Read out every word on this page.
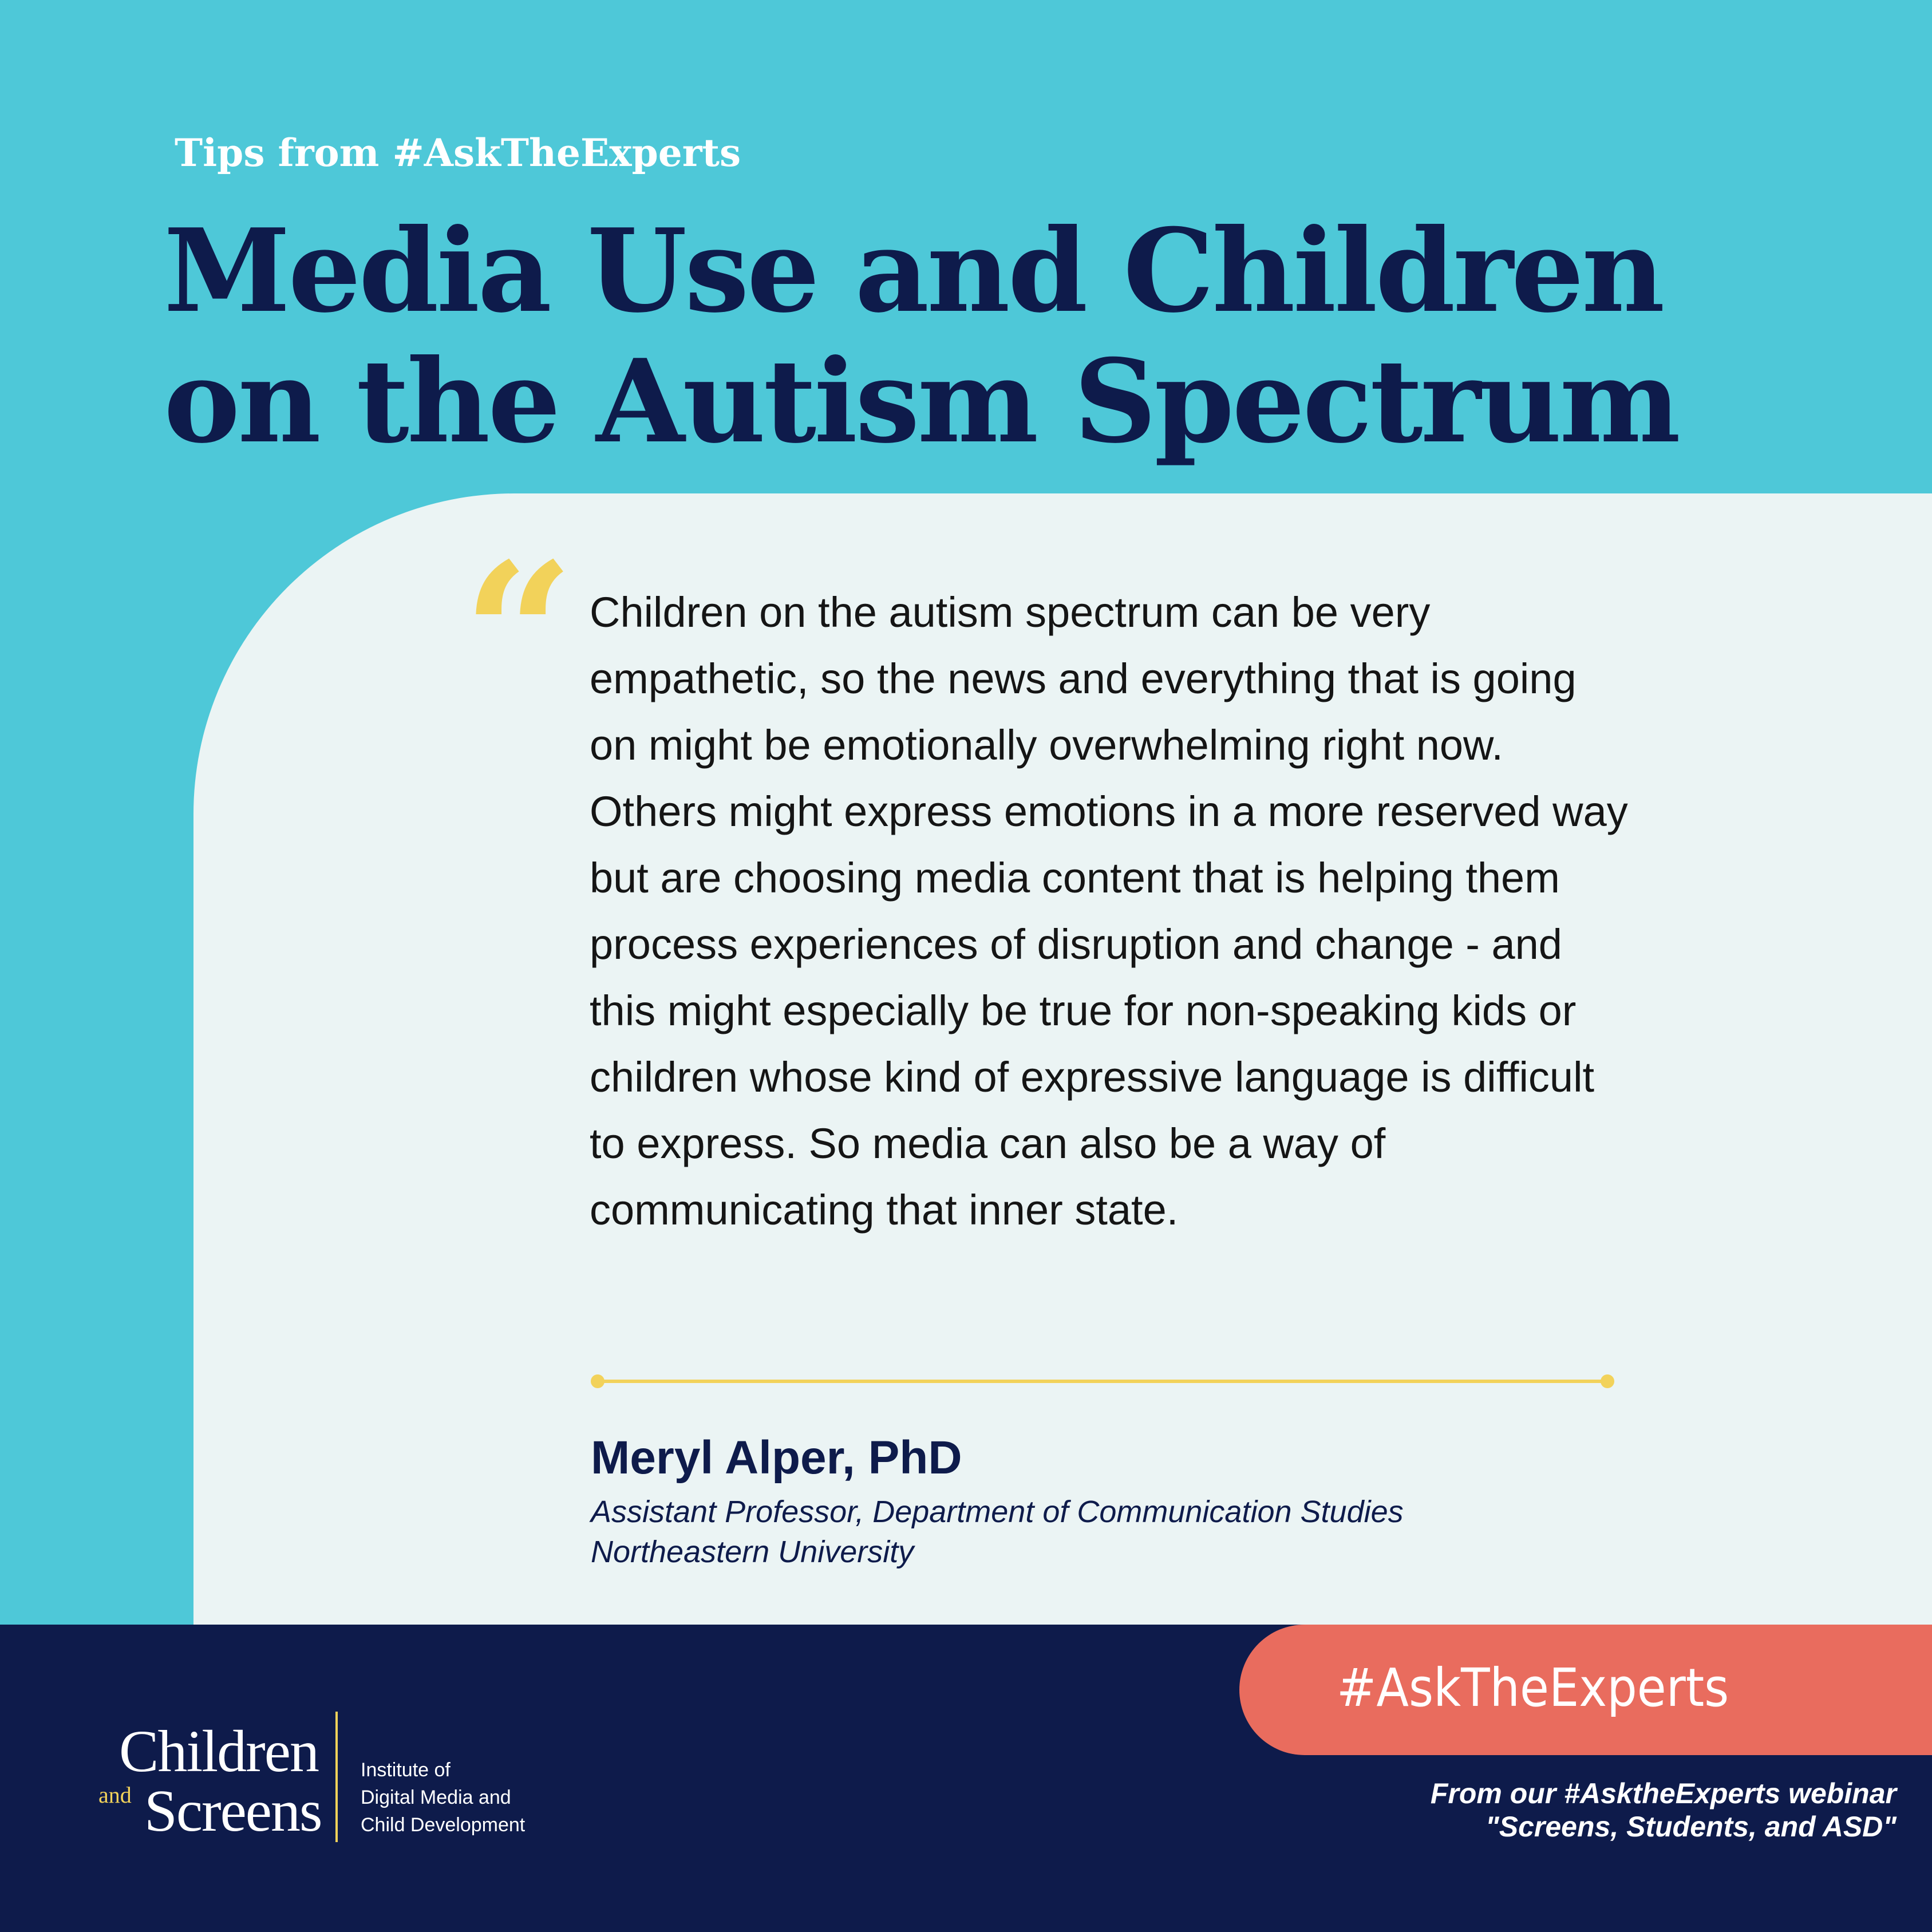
Tips from #AskTheExperts
Media Use and Children
on the Autism Spectrum
“ Children on the autism spectrum can be very empathetic, so the news and everything that is going on might be emotionally overwhelming right now. Others might express emotions in a more reserved way but are choosing media content that is helping them process experiences of disruption and change - and this might especially be true for non-speaking kids or children whose kind of expressive language is difficult to express. So media can also be a way of communicating that inner state.

Meryl Alper, PhD
Assistant Professor, Department of Communication Studies
Northeastern University
#AskTheExperts
From our #AsktheExperts webinar
"Screens, Students, and ASD"
Children
and Screens
Institute of
Digital Media and
Child Development
